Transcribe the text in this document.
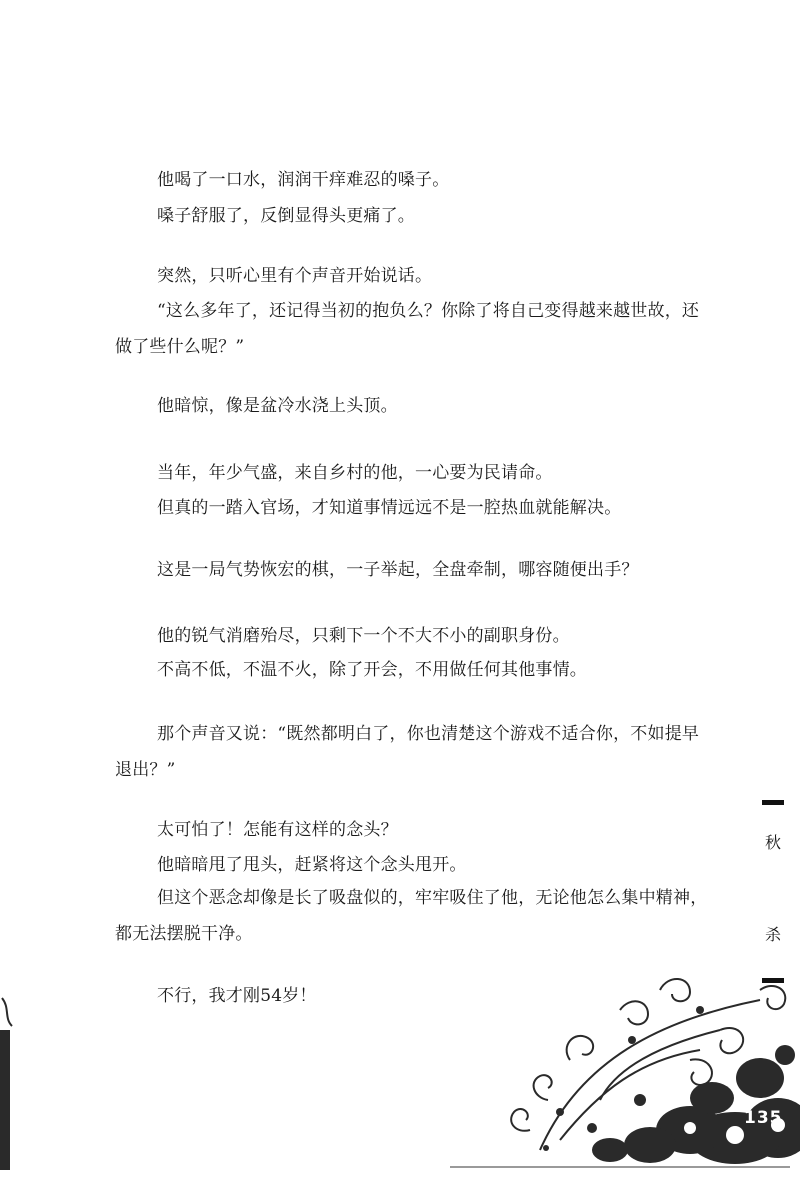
他喝了一口水，润润干痒难忍的嗓子。

嗓子舒服了，反倒显得头更痛了。

突然，只听心里有个声音开始说话。

“这么多年了，还记得当初的抱负么？你除了将自己变得越来越世故，还做了些什么呢？”

他暗惊，像是盆冷水浇上头顶。

当年，年少气盛，来自乡村的他，一心要为民请命。

但真的一踏入官场，才知道事情远远不是一腔热血就能解决。

这是一局气势恢宏的棋，一子举起，全盘牵制，哪容随便出手？

他的锐气消磨殆尽，只剩下一个不大不小的副职身份。

不高不低，不温不火，除了开会，不用做任何其他事情。

那个声音又说：“既然都明白了，你也清楚这个游戏不适合你，不如提早退出？”

太可怕了！怎能有这样的念头？

他暗暗甩了甩头，赶紧将这个念头甩开。

但这个恶念却像是长了吸盘似的，牢牢吸住了他，无论他怎么集中精神，都无法摆脱干净。

不行，我才刚54岁！

秋
杀
135
